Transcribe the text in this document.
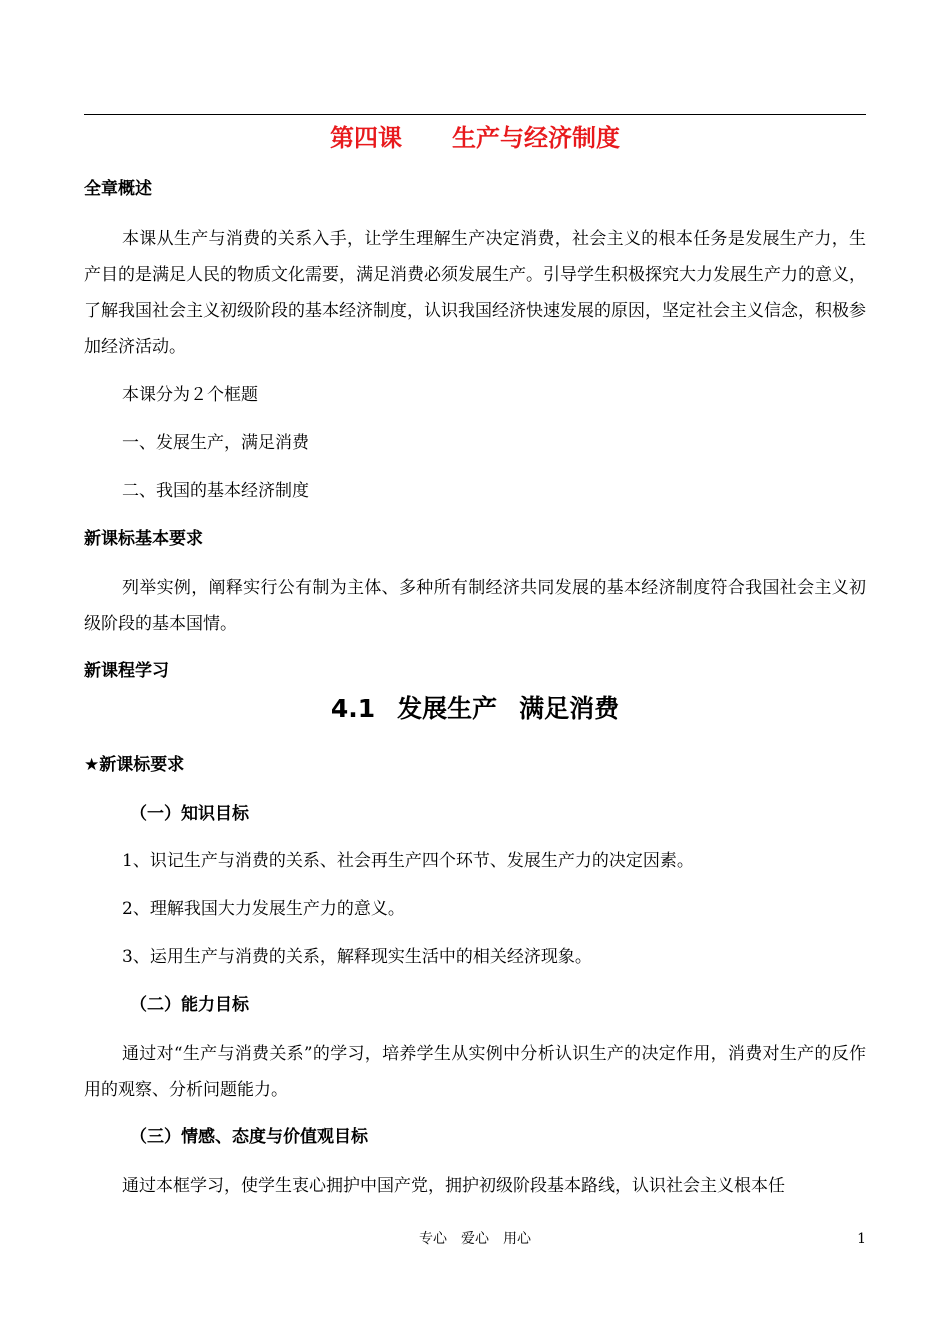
第四课 生产与经济制度
全章概述
本课从生产与消费的关系入手，让学生理解生产决定消费，社会主义的根本任务是发展生产力，生产目的是满足人民的物质文化需要，满足消费必须发展生产。引导学生积极探究大力发展生产力的意义，了解我国社会主义初级阶段的基本经济制度，认识我国经济快速发展的原因，坚定社会主义信念，积极参加经济活动。
本课分为２个框题
一、发展生产，满足消费
二、我国的基本经济制度
新课标基本要求
列举实例，阐释实行公有制为主体、多种所有制经济共同发展的基本经济制度符合我国社会主义初级阶段的基本国情。
新课程学习
4.1 发展生产 满足消费
★新课标要求
（一）知识目标
1、识记生产与消费的关系、社会再生产四个环节、发展生产力的决定因素。
2、理解我国大力发展生产力的意义。
3、运用生产与消费的关系，解释现实生活中的相关经济现象。
（二）能力目标
通过对“生产与消费关系”的学习，培养学生从实例中分析认识生产的决定作用，消费对生产的反作用的观察、分析问题能力。
（三）情感、态度与价值观目标
通过本框学习，使学生衷心拥护中国产党，拥护初级阶段基本路线，认识社会主义根本任
专心　爱心　用心	1
